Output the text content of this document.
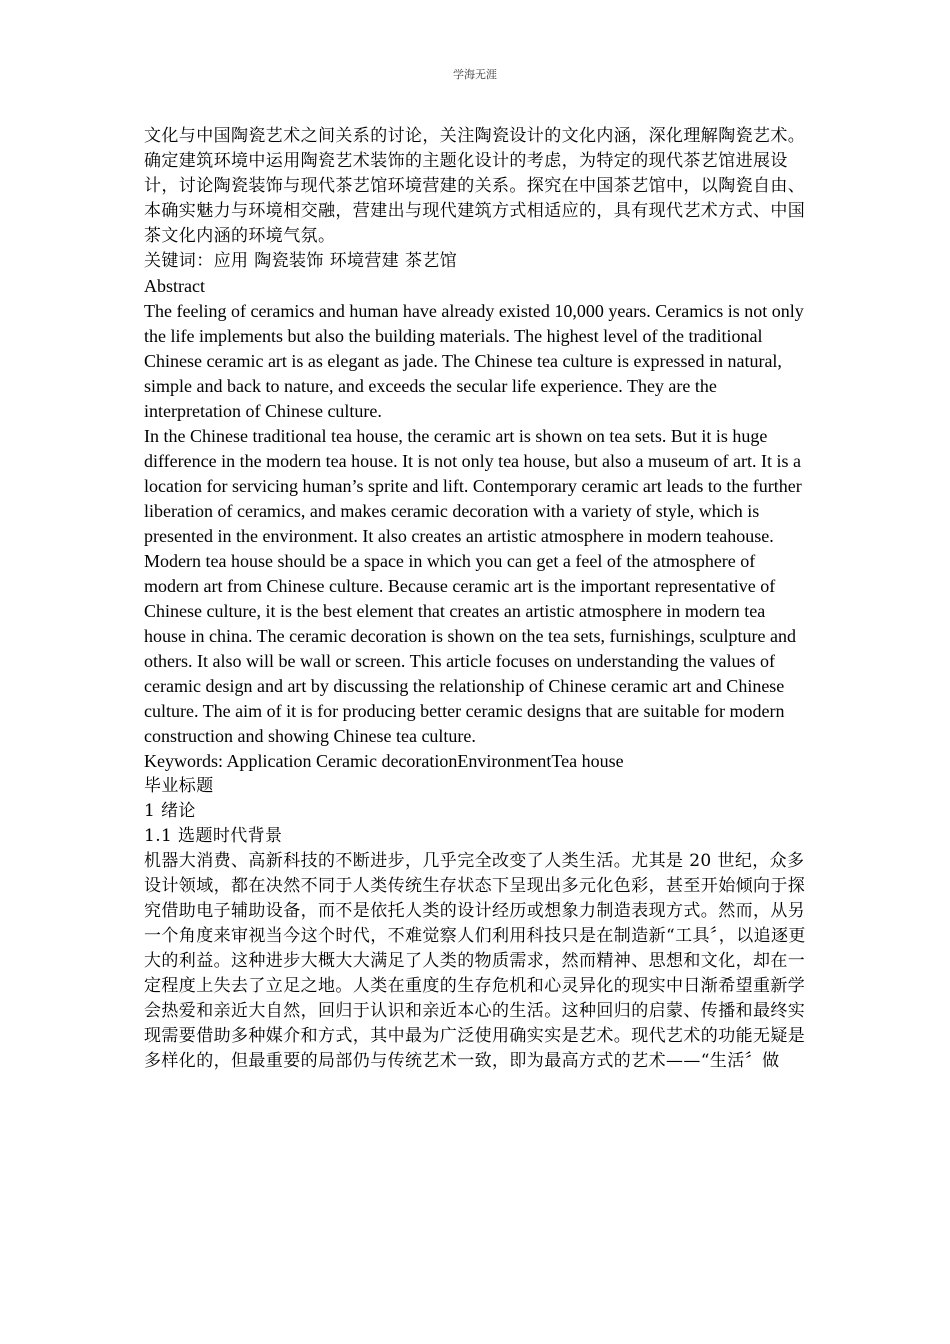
学海无涯

文化与中国陶瓷艺术之间关系的讨论，关注陶瓷设计的文化内涵，深化理解陶瓷艺术。确定建筑环境中运用陶瓷艺术装饰的主题化设计的考虑，为特定的现代茶艺馆进展设计，讨论陶瓷装饰与现代茶艺馆环境营建的关系。探究在中国茶艺馆中，以陶瓷自由、本确实魅力与环境相交融，营建出与现代建筑方式相适应的，具有现代艺术方式、中国茶文化内涵的环境气氛。

关键词：应用 陶瓷装饰 环境营建 茶艺馆

Abstract

The feeling of ceramics and human have already existed 10,000 years. Ceramics is not only the life implements but also the building materials. The highest level of the traditional Chinese ceramic art is as elegant as jade. The Chinese tea culture is expressed in natural, simple and back to nature, and exceeds the secular life experience. They are the interpretation of Chinese culture.

In the Chinese traditional tea house, the ceramic art is shown on tea sets. But it is huge difference in the modern tea house. It is not only tea house, but also a museum of art. It is a location for servicing human’s sprite and lift. Contemporary ceramic art leads to the further liberation of ceramics, and makes ceramic decoration with a variety of style, which is presented in the environment. It also creates an artistic atmosphere in modern teahouse.

Modern tea house should be a space in which you can get a feel of the atmosphere of modern art from Chinese culture. Because ceramic art is the important representative of Chinese culture, it is the best element that creates an artistic atmosphere in modern tea house in china. The ceramic decoration is shown on the tea sets, furnishings, sculpture and others. It also will be wall or screen. This article focuses on understanding the values of ceramic design and art by discussing the relationship of Chinese ceramic art and Chinese culture. The aim of it is for producing better ceramic designs that are suitable for modern construction and showing Chinese tea culture.

Keywords: Application Ceramic decorationEnvironmentTea house

毕业标题

1 绪论

1.1 选题时代背景

机器大消费、高新科技的不断进步，几乎完全改变了人类生活。尤其是 20 世纪，众多设计领域，都在决然不同于人类传统生存状态下呈现出多元化色彩，甚至开始倾向于探究借助电子辅助设备，而不是依托人类的设计经历或想象力制造表现方式。然而，从另一个角度来审视当今这个时代，不难觉察人们利用科技只是在制造新“工具〞，以追逐更大的利益。这种进步大概大大满足了人类的物质需求，然而精神、思想和文化，却在一定程度上失去了立足之地。人类在重度的生存危机和心灵异化的现实中日渐希望重新学会热爱和亲近大自然，回归于认识和亲近本心的生活。这种回归的启蒙、传播和最终实现需要借助多种媒介和方式，其中最为广泛使用确实实是艺术。现代艺术的功能无疑是多样化的，但最重要的局部仍与传统艺术一致，即为最高方式的艺术——“生活〞做
